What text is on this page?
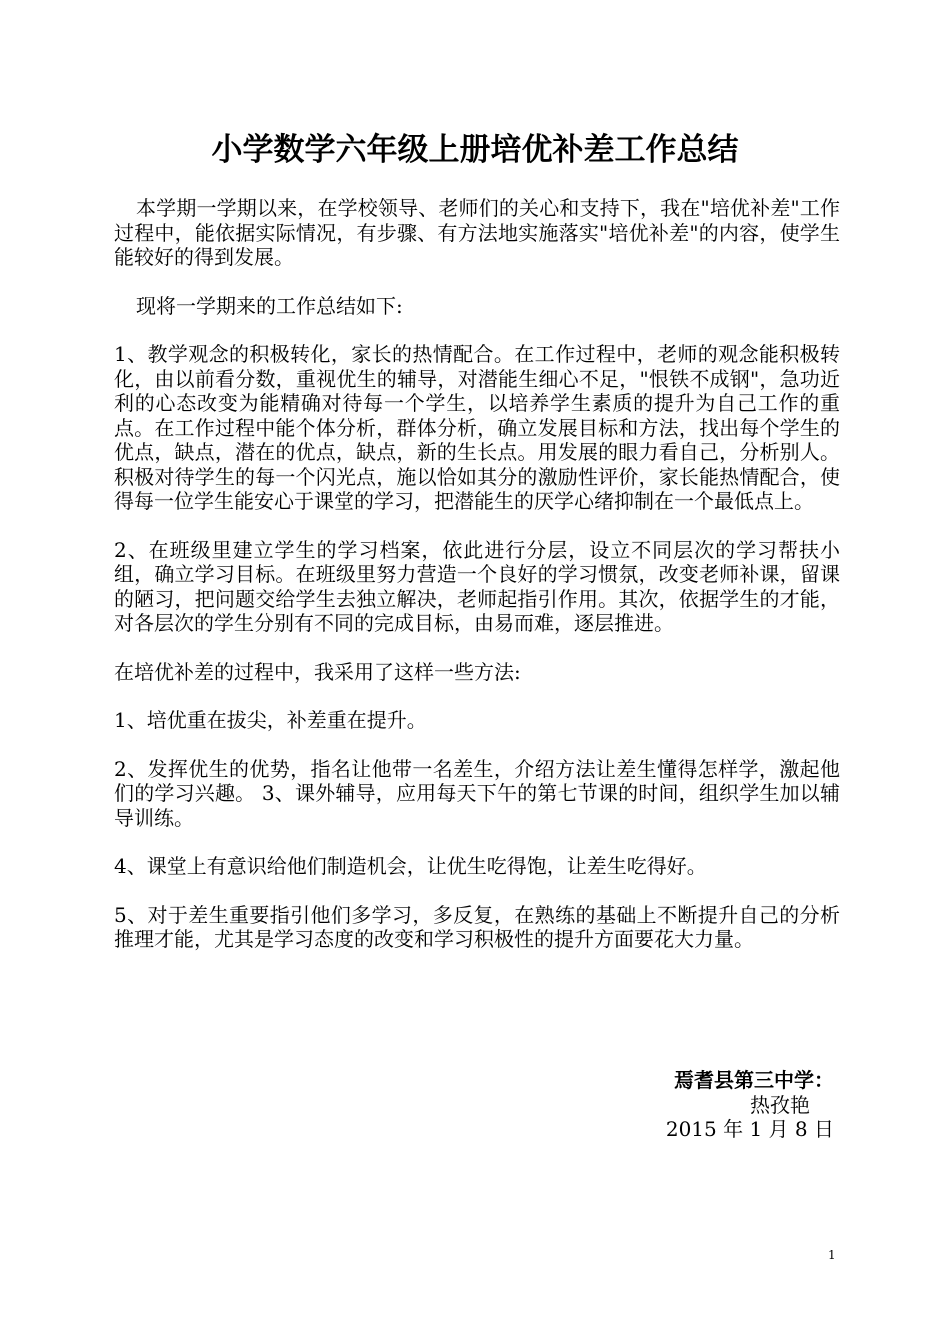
小学数学六年级上册培优补差工作总结

本学期一学期以来，在学校领导、老师们的关心和支持下，我在"培优补差"工作过程中，能依据实际情况，有步骤、有方法地实施落实"培优补差"的内容，使学生能较好的得到发展。

现将一学期来的工作总结如下:

1、教学观念的积极转化，家长的热情配合。在工作过程中，老师的观念能积极转化，由以前看分数，重视优生的辅导，对潜能生细心不足，"恨铁不成钢"，急功近利的心态改变为能精确对待每一个学生，以培养学生素质的提升为自己工作的重点。在工作过程中能个体分析，群体分析，确立发展目标和方法，找出每个学生的优点，缺点，潜在的优点，缺点，新的生长点。用发展的眼力看自己，分析别人。积极对待学生的每一个闪光点，施以恰如其分的激励性评价，家长能热情配合，使得每一位学生能安心于课堂的学习，把潜能生的厌学心绪抑制在一个最低点上。

2、在班级里建立学生的学习档案，依此进行分层，设立不同层次的学习帮扶小组，确立学习目标。在班级里努力营造一个良好的学习惯氛，改变老师补课，留课的陋习，把问题交给学生去独立解决，老师起指引作用。其次，依据学生的才能，对各层次的学生分别有不同的完成目标，由易而难，逐层推进。

在培优补差的过程中，我采用了这样一些方法:

1、培优重在拔尖，补差重在提升。

2、发挥优生的优势，指名让他带一名差生，介绍方法让差生懂得怎样学，激起他们的学习兴趣。 3、课外辅导，应用每天下午的第七节课的时间，组织学生加以辅导训练。

4、课堂上有意识给他们制造机会，让优生吃得饱，让差生吃得好。

5、对于差生重要指引他们多学习，多反复，在熟练的基础上不断提升自己的分析推理才能，尤其是学习态度的改变和学习积极性的提升方面要花大力量。

焉耆县第三中学：
热孜艳
2015 年 1 月 8 日
1
